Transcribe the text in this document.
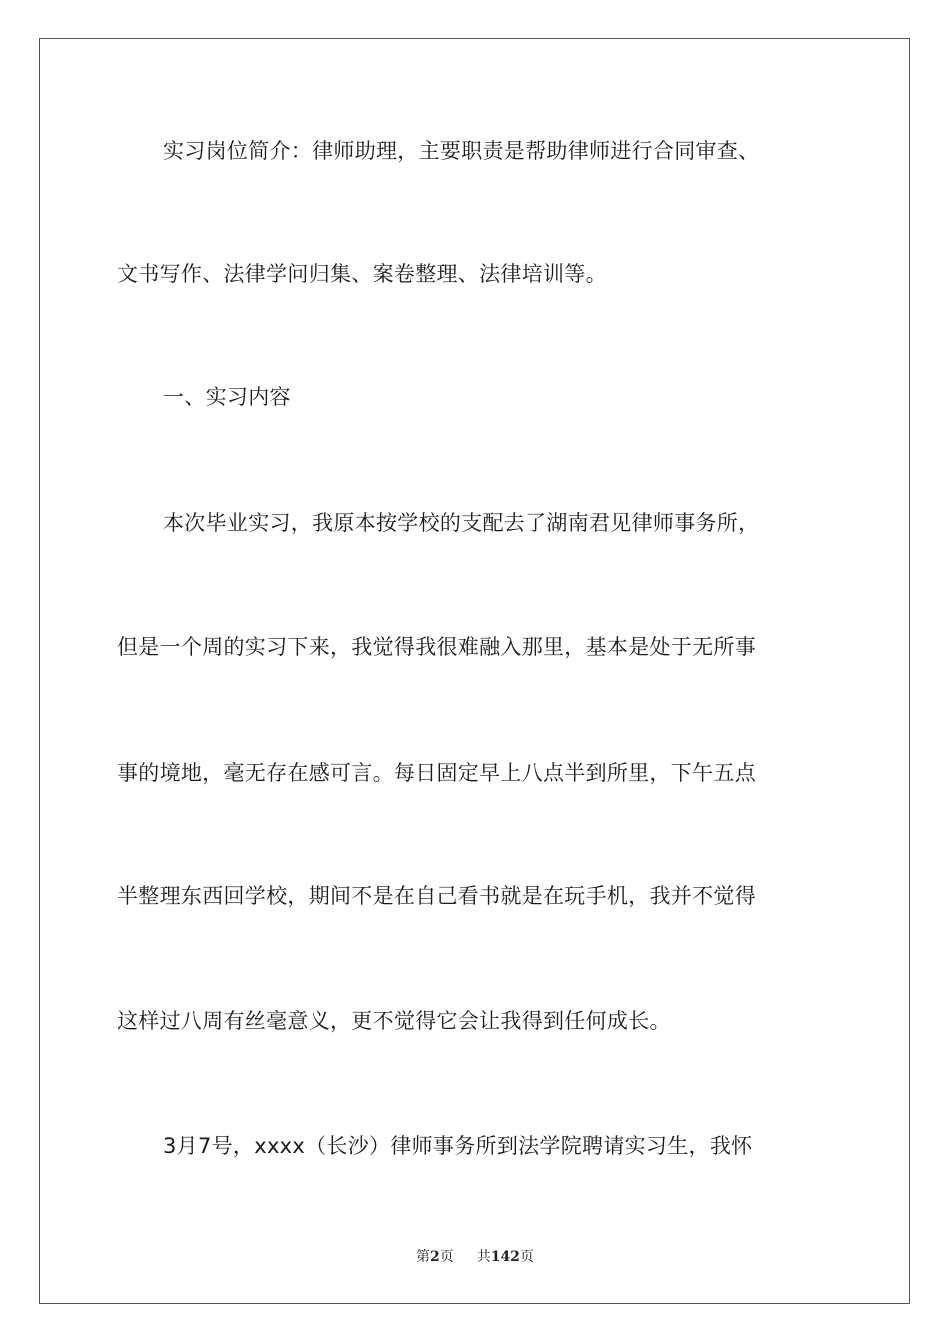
实习岗位简介：律师助理，主要职责是帮助律师进行合同审查、
文书写作、法律学问归集、案卷整理、法律培训等。
一、实习内容
本次毕业实习，我原本按学校的支配去了湖南君见律师事务所，
但是一个周的实习下来，我觉得我很难融入那里，基本是处于无所事
事的境地，毫无存在感可言。每日固定早上八点半到所里，下午五点
半整理东西回学校，期间不是在自己看书就是在玩手机，我并不觉得
这样过八周有丝毫意义，更不觉得它会让我得到任何成长。
3月7号，xxxx（长沙）律师事务所到法学院聘请实习生，我怀
第2页 共142页
